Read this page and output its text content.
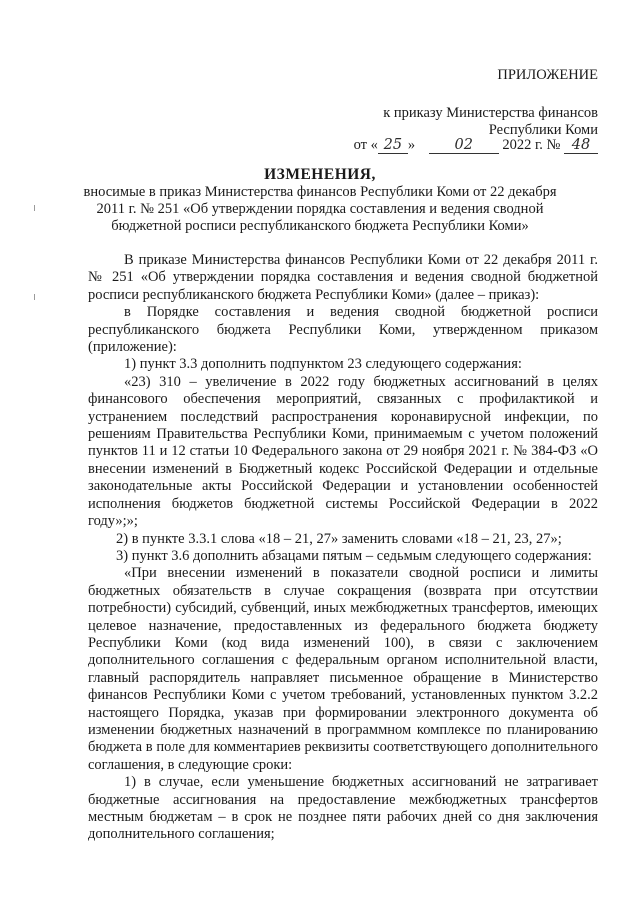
ПРИЛОЖЕНИЕ
к приказу Министерства финансов
Республики Коми
от « 25 »	02 2022 г. № 48
ИЗМЕНЕНИЯ,
вносимые в приказ Министерства финансов Республики Коми от 22 декабря 2011 г. № 251 «Об утверждении порядка составления и ведения сводной бюджетной росписи республиканского бюджета Республики Коми»

В приказе Министерства финансов Республики Коми от 22 декабря 2011 г. № 251 «Об утверждении порядка составления и ведения сводной бюджетной росписи республиканского бюджета Республики Коми» (далее – приказ):

в Порядке составления и ведения сводной бюджетной росписи республиканского бюджета Республики Коми, утвержденном приказом (приложение):

1) пункт 3.3 дополнить подпунктом 23 следующего содержания:

«23) 310 – увеличение в 2022 году бюджетных ассигнований в целях финансового обеспечения мероприятий, связанных с профилактикой и устранением последствий распространения коронавирусной инфекции, по решениям Правительства Республики Коми, принимаемым с учетом положений пунктов 11 и 12 статьи 10 Федерального закона от 29 ноября 2021 г. № 384-ФЗ «О внесении изменений в Бюджетный кодекс Российской Федерации и отдельные законодательные акты Российской Федерации и установлении особенностей исполнения бюджетов бюджетной системы Российской Федерации в 2022 году»;»;

2) в пункте 3.3.1 слова «18 – 21, 27» заменить словами «18 – 21, 23, 27»;

3) пункт 3.6 дополнить абзацами пятым – седьмым следующего содержания:

«При внесении изменений в показатели сводной росписи и лимиты бюджетных обязательств в случае сокращения (возврата при отсутствии потребности) субсидий, субвенций, иных межбюджетных трансфертов, имеющих целевое назначение, предоставленных из федерального бюджета бюджету Республики Коми (код вида изменений 100), в связи с заключением дополнительного соглашения с федеральным органом исполнительной власти, главный распорядитель направляет письменное обращение в Министерство финансов Республики Коми с учетом требований, установленных пунктом 3.2.2 настоящего Порядка, указав при формировании электронного документа об изменении бюджетных назначений в программном комплексе по планированию бюджета в поле для комментариев реквизиты соответствующего дополнительного соглашения, в следующие сроки:

1) в случае, если уменьшение бюджетных ассигнований не затрагивает бюджетные ассигнования на предоставление межбюджетных трансфертов местным бюджетам – в срок не позднее пяти рабочих дней со дня заключения дополнительного соглашения;
